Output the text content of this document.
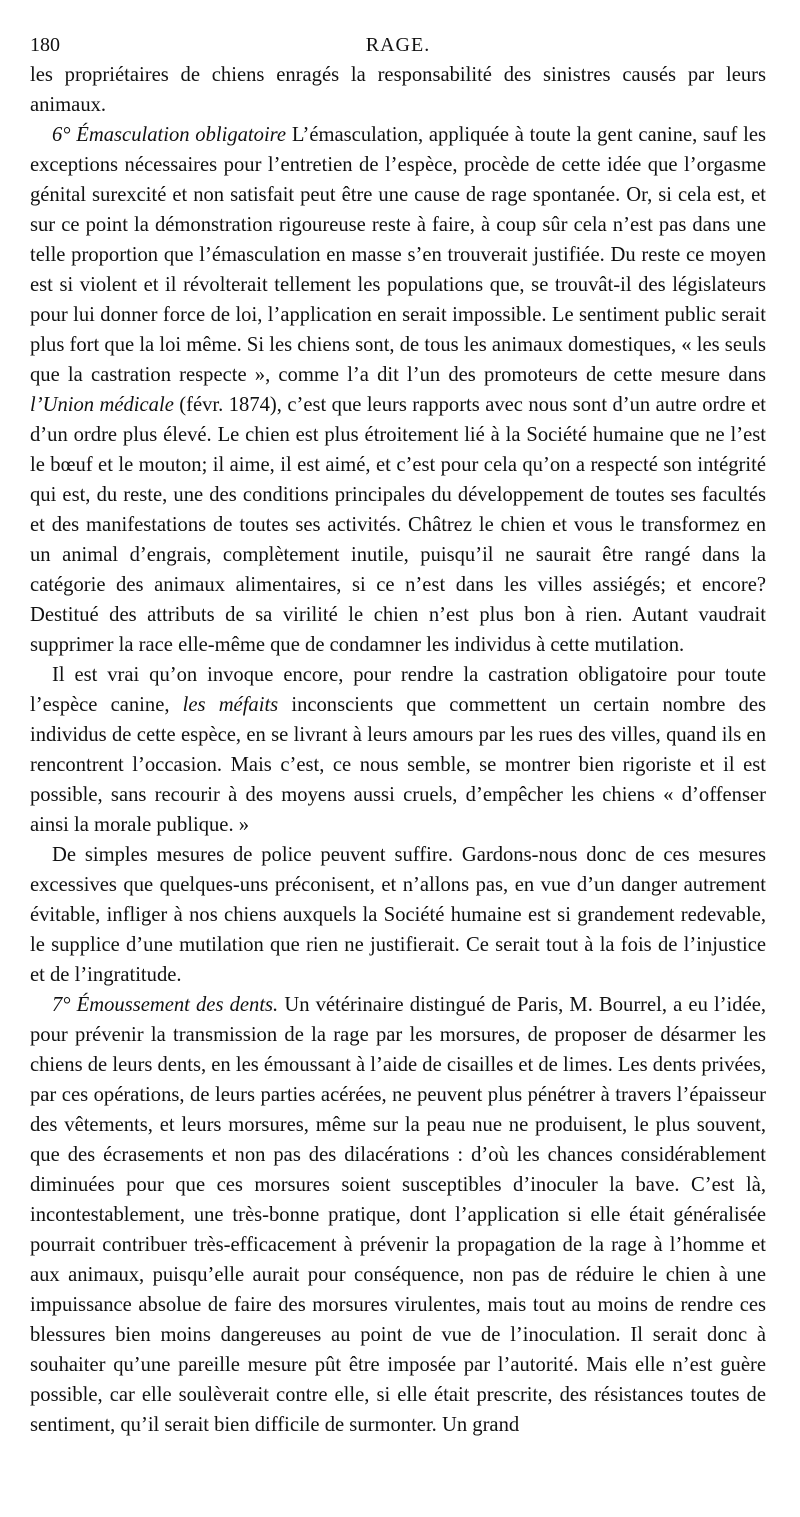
180	RAGE.

les propriétaires de chiens enragés la responsabilité des sinistres causés par leurs animaux.

6° Émasculation obligatoire L’émasculation, appliquée à toute la gent canine, sauf les exceptions nécessaires pour l’entretien de l’espèce, procède de cette idée que l’orgasme génital surexcité et non satisfait peut être une cause de rage spontanée. Or, si cela est, et sur ce point la démonstration rigoureuse reste à faire, à coup sûr cela n’est pas dans une telle proportion que l’émasculation en masse s’en trouverait justifiée. Du reste ce moyen est si violent et il révolterait tellement les populations que, se trouvât-il des législateurs pour lui donner force de loi, l’application en serait impossible. Le sentiment public serait plus fort que la loi même. Si les chiens sont, de tous les animaux domestiques, « les seuls que la castration respecte », comme l’a dit l’un des promoteurs de cette mesure dans l’Union médicale (févr. 1874), c’est que leurs rapports avec nous sont d’un autre ordre et d’un ordre plus élevé. Le chien est plus étroitement lié à la Société humaine que ne l’est le bœuf et le mouton; il aime, il est aimé, et c’est pour cela qu’on a respecté son intégrité qui est, du reste, une des conditions principales du développement de toutes ses facultés et des manifestations de toutes ses activités. Châtrez le chien et vous le transformez en un animal d’engrais, complètement inutile, puisqu’il ne saurait être rangé dans la catégorie des animaux alimentaires, si ce n’est dans les villes assiégés; et encore? Destitué des attributs de sa virilité le chien n’est plus bon à rien. Autant vaudrait supprimer la race elle-même que de condamner les individus à cette mutilation.

Il est vrai qu’on invoque encore, pour rendre la castration obligatoire pour toute l’espèce canine, les méfaits inconscients que commettent un certain nombre des individus de cette espèce, en se livrant à leurs amours par les rues des villes, quand ils en rencontrent l’occasion. Mais c’est, ce nous semble, se montrer bien rigoriste et il est possible, sans recourir à des moyens aussi cruels, d’empêcher les chiens « d’offenser ainsi la morale publique. »

De simples mesures de police peuvent suffire. Gardons-nous donc de ces mesures excessives que quelques-uns préconisent, et n’allons pas, en vue d’un danger autrement évitable, infliger à nos chiens auxquels la Société humaine est si grandement redevable, le supplice d’une mutilation que rien ne justifierait. Ce serait tout à la fois de l’injustice et de l’ingratitude.

7° Émoussement des dents. Un vétérinaire distingué de Paris, M. Bourrel, a eu l’idée, pour prévenir la transmission de la rage par les morsures, de proposer de désarmer les chiens de leurs dents, en les émoussant à l’aide de cisailles et de limes. Les dents privées, par ces opérations, de leurs parties acérées, ne peuvent plus pénétrer à travers l’épaisseur des vêtements, et leurs morsures, même sur la peau nue ne produisent, le plus souvent, que des écrasements et non pas des dilacérations : d’où les chances considérablement diminuées pour que ces morsures soient susceptibles d’inoculer la bave. C’est là, incontestablement, une très-bonne pratique, dont l’application si elle était généralisée pourrait contribuer très-efficacement à prévenir la propagation de la rage à l’homme et aux animaux, puisqu’elle aurait pour conséquence, non pas de réduire le chien à une impuissance absolue de faire des morsures virulentes, mais tout au moins de rendre ces blessures bien moins dangereuses au point de vue de l’inoculation. Il serait donc à souhaiter qu’une pareille mesure pût être imposée par l’autorité. Mais elle n’est guère possible, car elle soulèverait contre elle, si elle était prescrite, des résistances toutes de sentiment, qu’il serait bien difficile de surmonter. Un grand
